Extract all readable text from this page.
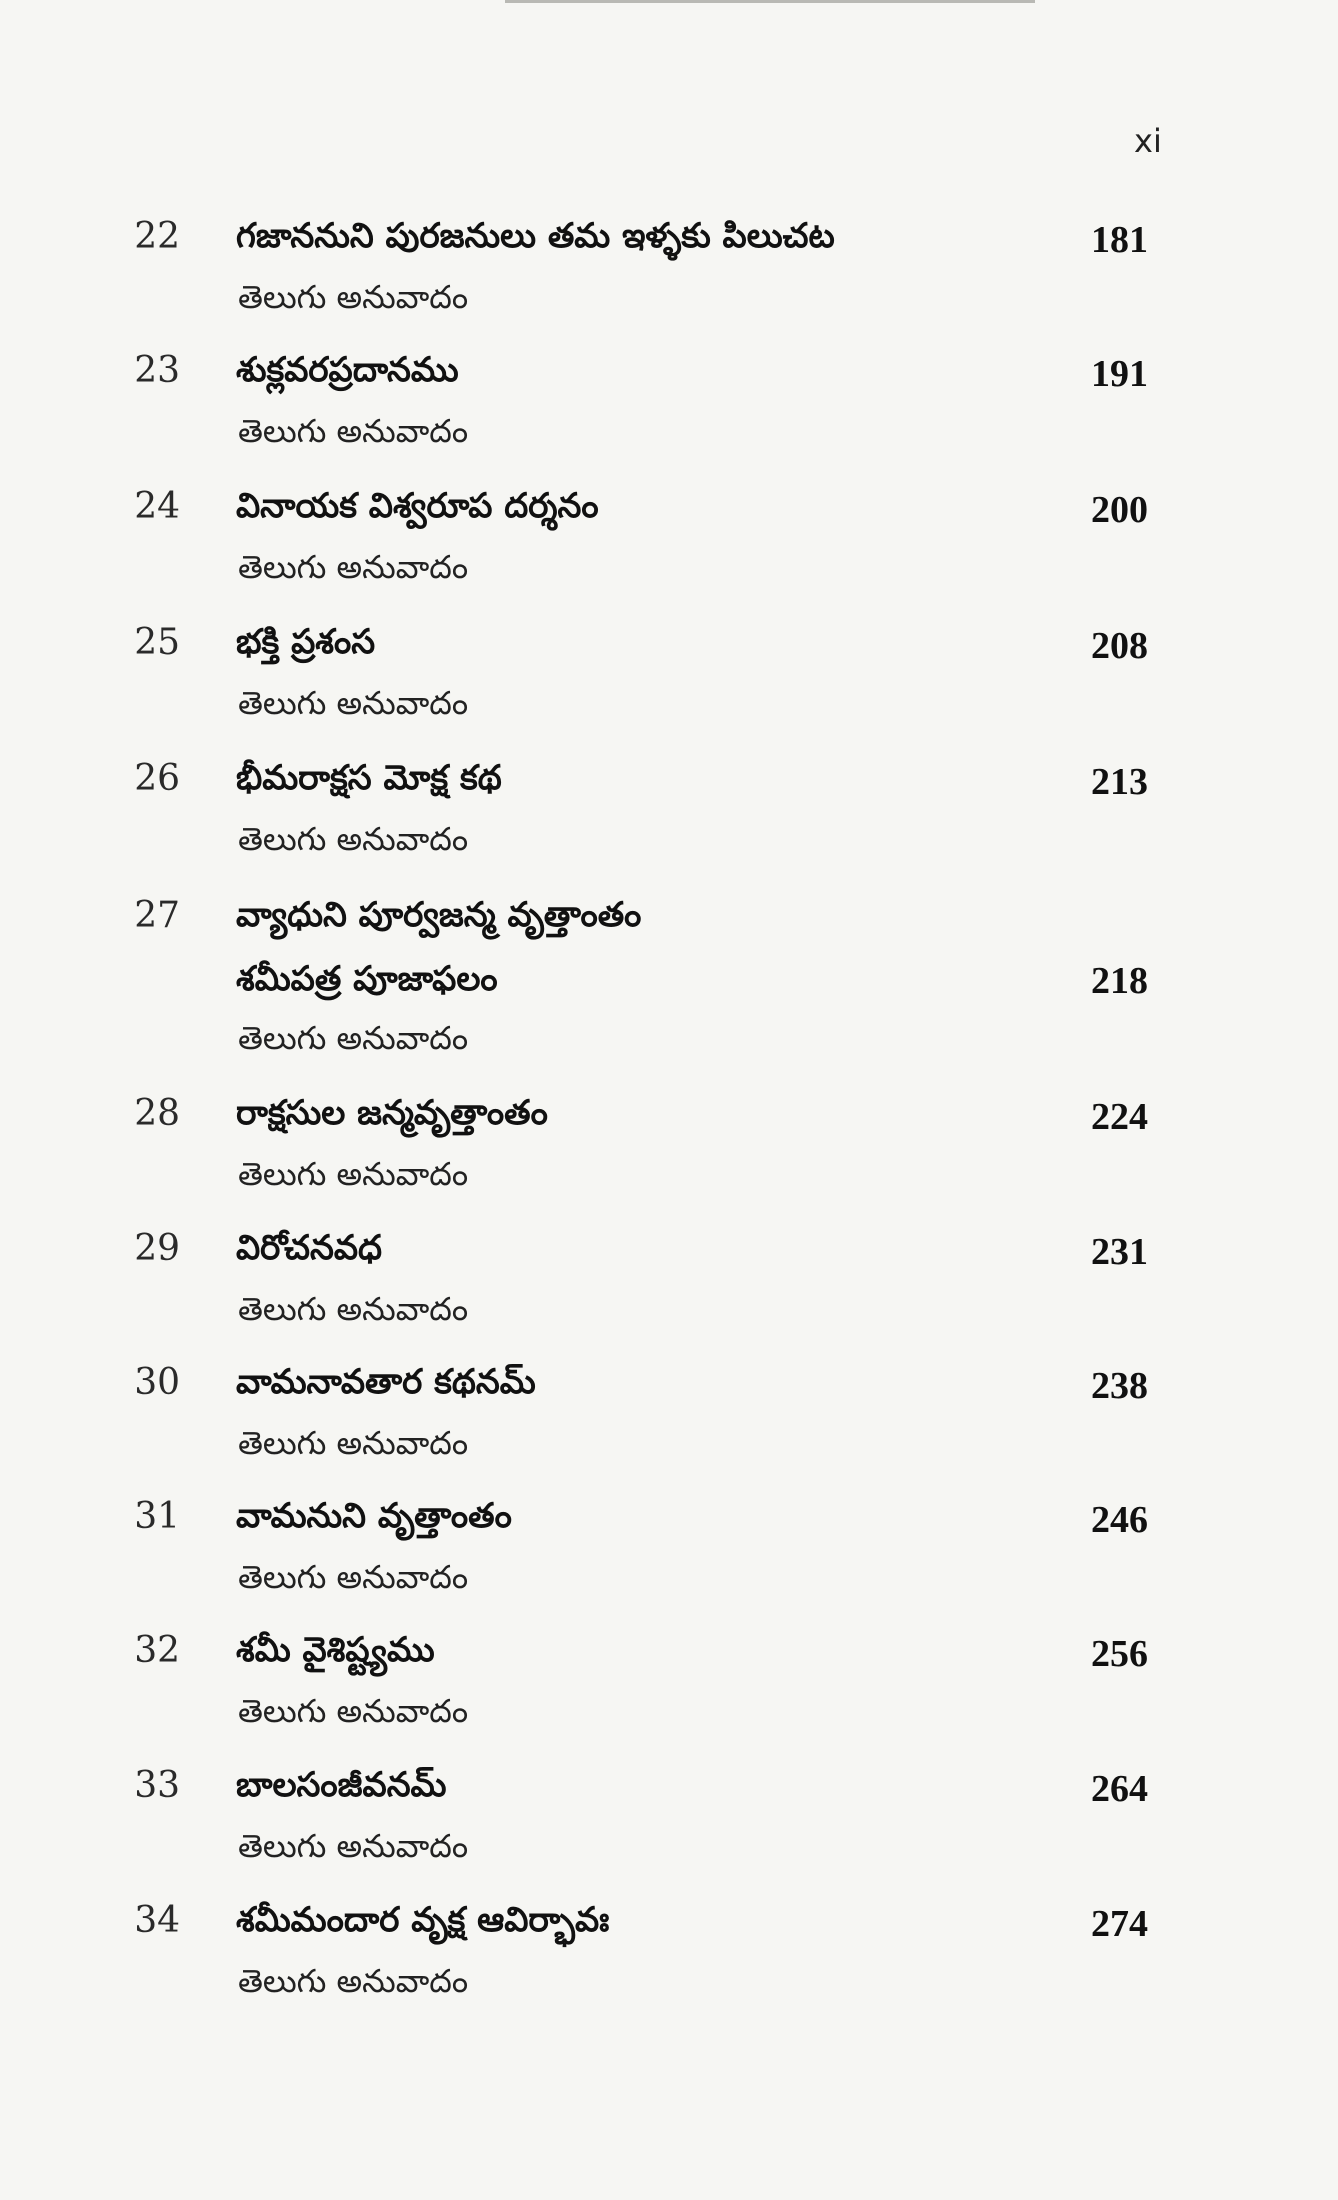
xi
22 గజాననుని పురజనులు తమ ఇళ్ళకు పిలుచట	181
తెలుగు అనువాదం
23 శుక్లవరప్రదానము	191
తెలుగు అనువాదం
24 వినాయక విశ్వరూప దర్శనం	200
తెలుగు అనువాదం
25 భక్తి ప్రశంస	208
తెలుగు అనువాదం
26 భీమరాక్షస మోక్ష కథ	213
తెలుగు అనువాదం
27 వ్యాధుని పూర్వజన్మ వృత్తాంతం
శమీపత్ర పూజాఫలం	218
తెలుగు అనువాదం
28 రాక్షసుల జన్మవృత్తాంతం	224
తెలుగు అనువాదం
29 విరోచనవధ	231
తెలుగు అనువాదం
30 వామనావతార కథనమ్	238
తెలుగు అనువాదం
31 వామనుని వృత్తాంతం	246
తెలుగు అనువాదం
32 శమీ వైశిష్ట్యము	256
తెలుగు అనువాదం
33 బాలసంజీవనమ్	264
తెలుగు అనువాదం
34 శమీమందార వృక్ష ఆవిర్భావః	274
తెలుగు అనువాదం
